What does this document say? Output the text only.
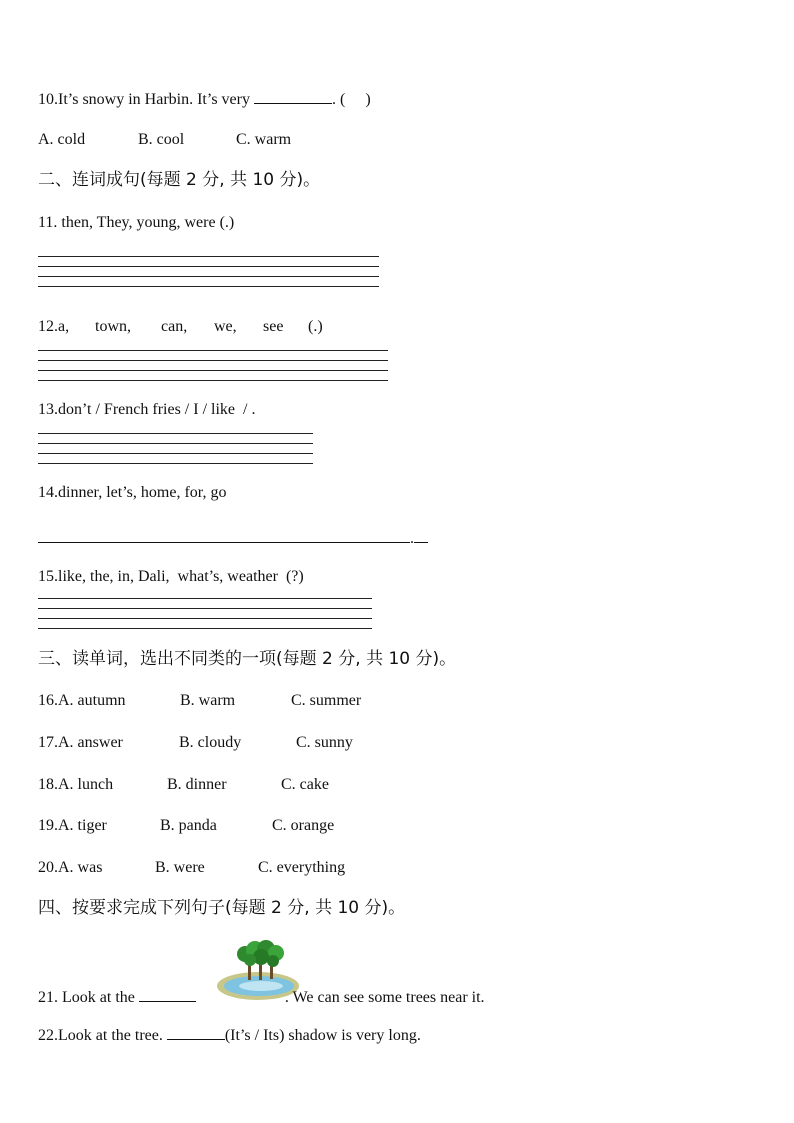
10.It’s snowy in Harbin. It’s very	. (     )
A. cold	B. cool	C. warm
二、连词成句(每题 2 分, 共 10 分)。
11. then, They, young, were (.)
12.a, town, can, we, see (.)
13.don’t / French fries / I / like  / .
14.dinner, let’s, home, for, go
.
15.like, the, in, Dali,  what’s, weather  (?)
三、读单词，选出不同类的一项(每题 2 分, 共 10 分)。
16.A. autumn	B. warm	C. summer
17.A. answer	B. cloudy	C. sunny
18.A. lunch	B. dinner	C. cake
19.A. tiger	B. panda	C. orange
20.A. was	B. were	C. everything
四、按要求完成下列句子(每题 2 分, 共 10 分)。
21. Look at the	. We can see some trees near it.
22.Look at the tree.	(It’s / Its) shadow is very long.
